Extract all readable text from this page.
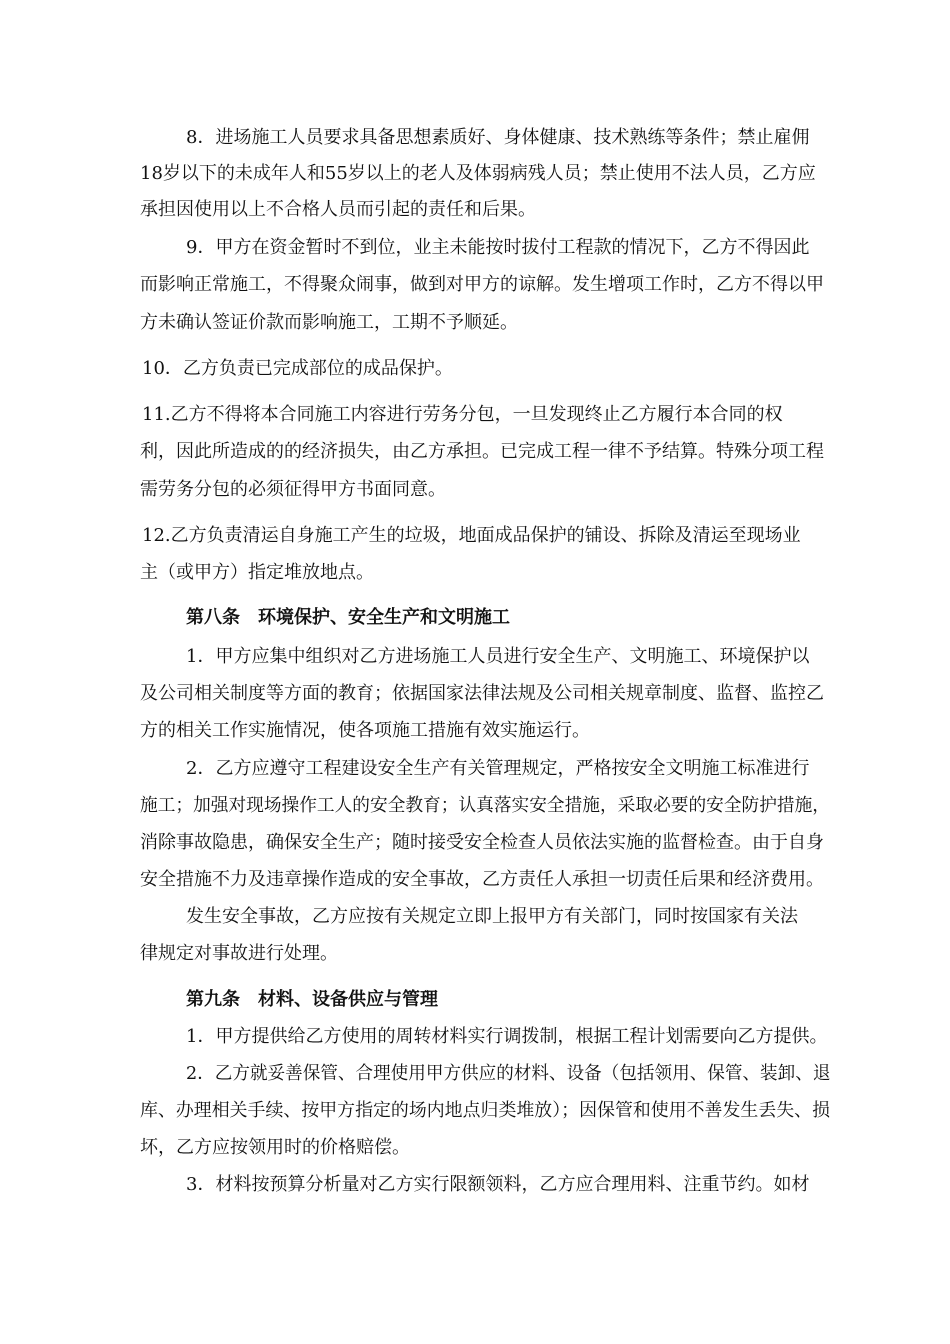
8．进场施工人员要求具备思想素质好、身体健康、技术熟练等条件；禁止雇佣
18岁以下的未成年人和55岁以上的老人及体弱病残人员；禁止使用不法人员，乙方应
承担因使用以上不合格人员而引起的责任和后果。
9．甲方在资金暂时不到位，业主未能按时拔付工程款的情况下，乙方不得因此
而影响正常施工，不得聚众闹事，做到对甲方的谅解。发生增项工作时，乙方不得以甲
方未确认签证价款而影响施工，工期不予顺延。
10．乙方负责已完成部位的成品保护。
11.乙方不得将本合同施工内容进行劳务分包，一旦发现终止乙方履行本合同的权
利，因此所造成的的经济损失，由乙方承担。已完成工程一律不予结算。特殊分项工程
需劳务分包的必须征得甲方书面同意。
12.乙方负责清运自身施工产生的垃圾，地面成品保护的铺设、拆除及清运至现场业
主（或甲方）指定堆放地点。
第八条　环境保护、安全生产和文明施工
1．甲方应集中组织对乙方进场施工人员进行安全生产、文明施工、环境保护以
及公司相关制度等方面的教育；依据国家法律法规及公司相关规章制度、监督、监控乙
方的相关工作实施情况，使各项施工措施有效实施运行。
2．乙方应遵守工程建设安全生产有关管理规定，严格按安全文明施工标准进行
施工；加强对现场操作工人的安全教育；认真落实安全措施，采取必要的安全防护措施，
消除事故隐患，确保安全生产；随时接受安全检查人员依法实施的监督检查。由于自身
安全措施不力及违章操作造成的安全事故，乙方责任人承担一切责任后果和经济费用。
发生安全事故，乙方应按有关规定立即上报甲方有关部门，同时按国家有关法
律规定对事故进行处理。
第九条　材料、设备供应与管理
1．甲方提供给乙方使用的周转材料实行调拨制，根据工程计划需要向乙方提供。
2．乙方就妥善保管、合理使用甲方供应的材料、设备（包括领用、保管、装卸、退
库、办理相关手续、按甲方指定的场内地点归类堆放）；因保管和使用不善发生丢失、损
坏，乙方应按领用时的价格赔偿。
3．材料按预算分析量对乙方实行限额领料，乙方应合理用料、注重节约。如材
